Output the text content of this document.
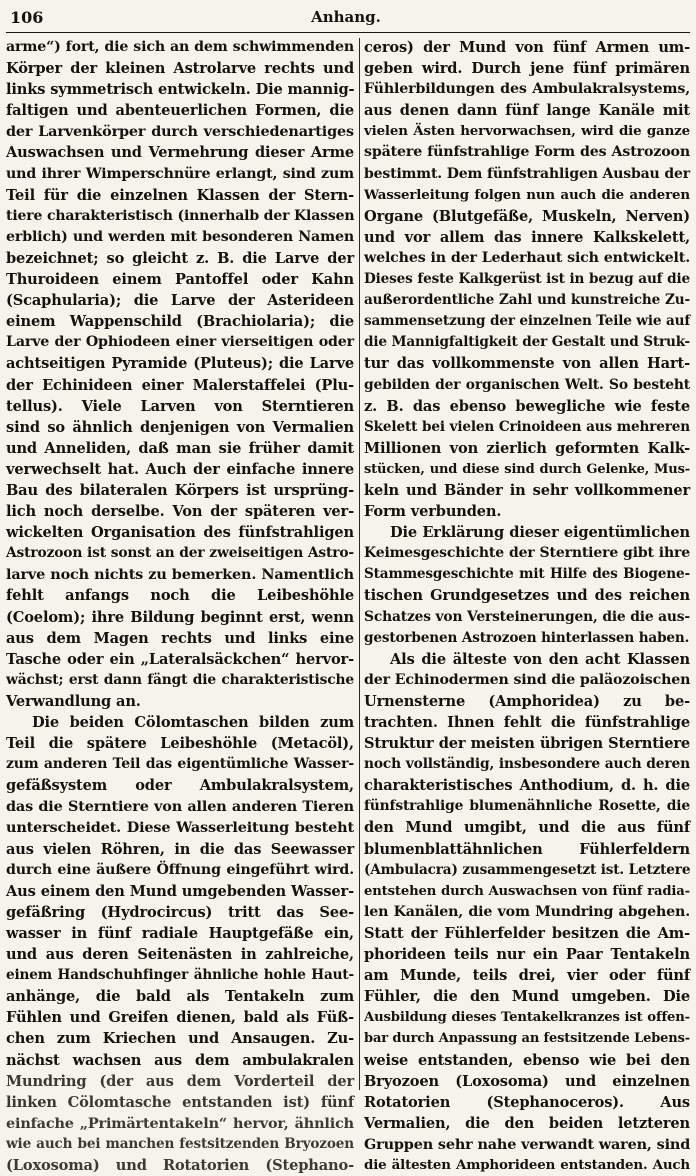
106	Anhang.
arme“) fort, die sich an dem schwimmenden
Körper der kleinen Astrolarve rechts und
links symmetrisch entwickeln. Die mannig-
faltigen und abenteuerlichen Formen, die
der Larvenkörper durch verschiedenartiges
Auswachsen und Vermehrung dieser Arme
und ihrer Wimperschnüre erlangt, sind zum
Teil für die einzelnen Klassen der Stern-
tiere charakteristisch (innerhalb der Klassen
erblich) und werden mit besonderen Namen
bezeichnet; so gleicht z. B. die Larve der
Thuroideen einem Pantoffel oder Kahn
(Scaphularia); die Larve der Asterideen
einem Wappenschild (Brachiolaria); die
Larve der Ophiodeen einer vierseitigen oder
achtseitigen Pyramide (Pluteus); die Larve
der Echinideen einer Malerstaffelei (Plu-
tellus). Viele Larven von Sterntieren
sind so ähnlich denjenigen von Vermalien
und Anneliden, daß man sie früher damit
verwechselt hat. Auch der einfache innere
Bau des bilateralen Körpers ist ursprüng-
lich noch derselbe. Von der späteren ver-
wickelten Organisation des fünfstrahligen
Astrozoon ist sonst an der zweiseitigen Astro-
larve noch nichts zu bemerken. Namentlich
fehlt anfangs noch die Leibeshöhle
(Coelom); ihre Bildung beginnt erst, wenn
aus dem Magen rechts und links eine
Tasche oder ein „Lateralsäckchen“ hervor-
wächst; erst dann fängt die charakteristische
Verwandlung an.
Die beiden Cölomtaschen bilden zum
Teil die spätere Leibeshöhle (Metacöl),
zum anderen Teil das eigentümliche Wasser-
gefäßsystem oder Ambulakralsystem,
das die Sterntiere von allen anderen Tieren
unterscheidet. Diese Wasserleitung besteht
aus vielen Röhren, in die das Seewasser
durch eine äußere Öffnung eingeführt wird.
Aus einem den Mund umgebenden Wasser-
gefäßring (Hydrocircus) tritt das See-
wasser in fünf radiale Hauptgefäße ein,
und aus deren Seitenästen in zahlreiche,
einem Handschuhfinger ähnliche hohle Haut-
anhänge, die bald als Tentakeln zum
Fühlen und Greifen dienen, bald als Füß-
chen zum Kriechen und Ansaugen. Zu-
nächst wachsen aus dem ambulakralen
Mundring (der aus dem Vorderteil der
linken Cölomtasche entstanden ist) fünf
einfache „Primärtentakeln“ hervor, ähnlich
wie auch bei manchen festsitzenden Bryozoen
(Loxosoma) und Rotatorien (Stephano-
ceros) der Mund von fünf Armen um-
geben wird. Durch jene fünf primären
Fühlerbildungen des Ambulakralsystems,
aus denen dann fünf lange Kanäle mit
vielen Ästen hervorwachsen, wird die ganze
spätere fünfstrahlige Form des Astrozoon
bestimmt. Dem fünfstrahligen Ausbau der
Wasserleitung folgen nun auch die anderen
Organe (Blutgefäße, Muskeln, Nerven)
und vor allem das innere Kalkskelett,
welches in der Lederhaut sich entwickelt.
Dieses feste Kalkgerüst ist in bezug auf die
außerordentliche Zahl und kunstreiche Zu-
sammensetzung der einzelnen Teile wie auf
die Mannigfaltigkeit der Gestalt und Struk-
tur das vollkommenste von allen Hart-
gebilden der organischen Welt. So besteht
z. B. das ebenso bewegliche wie feste
Skelett bei vielen Crinoideen aus mehreren
Millionen von zierlich geformten Kalk-
stücken, und diese sind durch Gelenke, Mus-
keln und Bänder in sehr vollkommener
Form verbunden.
Die Erklärung dieser eigentümlichen
Keimesgeschichte der Sterntiere gibt ihre
Stammesgeschichte mit Hilfe des Biogene-
tischen Grundgesetzes und des reichen
Schatzes von Versteinerungen, die die aus-
gestorbenen Astrozoen hinterlassen haben.
Als die älteste von den acht Klassen
der Echinodermen sind die paläozoischen
Urnensterne (Amphoridea) zu be-
trachten. Ihnen fehlt die fünfstrahlige
Struktur der meisten übrigen Sterntiere
noch vollständig, insbesondere auch deren
charakteristisches Anthodium, d. h. die
fünfstrahlige blumenähnliche Rosette, die
den Mund umgibt, und die aus fünf
blumenblattähnlichen Fühlerfeldern
(Ambulacra) zusammengesetzt ist. Letztere
entstehen durch Auswachsen von fünf radia-
len Kanälen, die vom Mundring abgehen.
Statt der Fühlerfelder besitzen die Am-
phorideen teils nur ein Paar Tentakeln
am Munde, teils drei, vier oder fünf
Fühler, die den Mund umgeben. Die
Ausbildung dieses Tentakelkranzes ist offen-
bar durch Anpassung an festsitzende Lebens-
weise entstanden, ebenso wie bei den
Bryozoen (Loxosoma) und einzelnen
Rotatorien (Stephanoceros). Aus
Vermalien, die den beiden letzteren
Gruppen sehr nahe verwandt waren, sind
die ältesten Amphorideen entstanden. Auch
